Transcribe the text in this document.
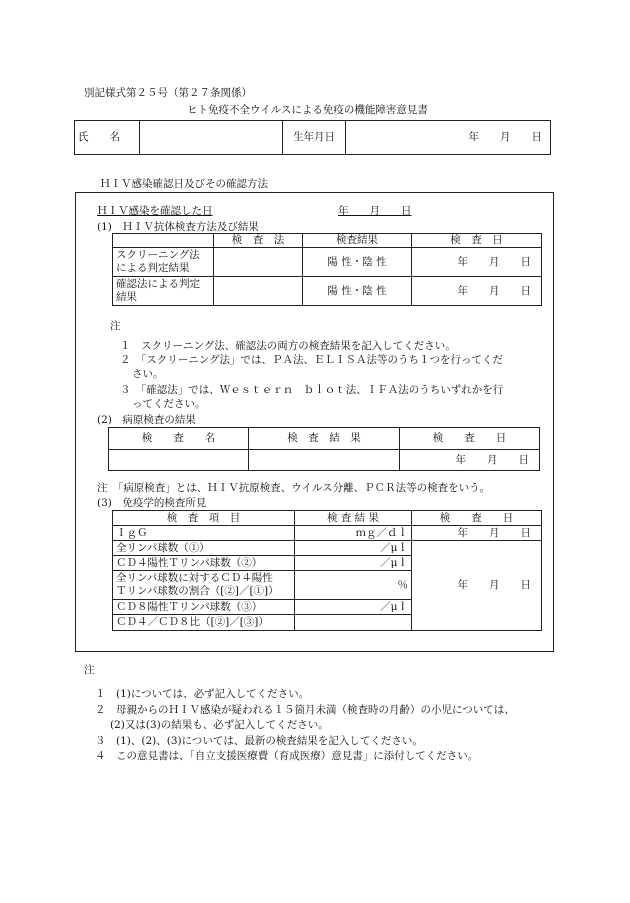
別記様式第２５号（第２７条関係）
ヒト免疫不全ウイルスによる免疫の機能障害意見書
氏　　名		生年月日	年　　月　　日
ＨＩＶ感染確認日及びその確認方法
ＨＩＶ感染を確認した日	年　　月　　日
(1)　ＨＩＶ抗体検査方法及び結果
	検　査　法	検査結果	検　査　日
スクリーニング法
による判定結果		陽 性・陰 性	年　　月　　日
確認法による判定
結果		陽 性・陰 性	年　　月　　日
注
１　スクリーニング法、確認法の両方の検査結果を記入してください。
２　「スクリーニング法」では、ＰＡ法、ＥＬＩＳＡ法等のうち１つを行ってくだ
さい。
３　「確認法」では、Ｗｅｓｔｅｒｎ　ｂｌｏｔ法、ＩＦＡ法のうちいずれかを行
ってください。
(2)　病原検査の結果
検　　査　　名	検　査　結　果	検　　査　　日
		年　　月　　日
注　「病原検査」とは、ＨＩＶ抗原検査、ウイルス分離、ＰＣＲ法等の検査をいう。
(3)　免疫学的検査所見
検　査　項　目	検 査 結 果	検　　査　　日
ＩｇＧ	ｍｇ／ｄｌ	年　　月　　日
全リンパ球数（①）	／μｌ	年　　月　　日
ＣＤ４陽性Ｔリンパ球数（②）	／μｌ	
全リンパ球数に対するＣＤ４陽性
Ｔリンパ球数の割合（[②]／[①]）	％	
ＣＤ８陽性Ｔリンパ球数（③）	／μｌ	
ＣＤ４／ＣＤ８比（[②]／[③]）		
注
１　(1)については、必ず記入してください。
２　母親からのＨＩＶ感染が疑われる１５箇月未満（検査時の月齢）の小児については、
(2)又は(3)の結果も、必ず記入してください。
３　(1)、(2)、(3)については、最新の検査結果を記入してください。
４　この意見書は、「自立支援医療費（育成医療）意見書」に添付してください。
